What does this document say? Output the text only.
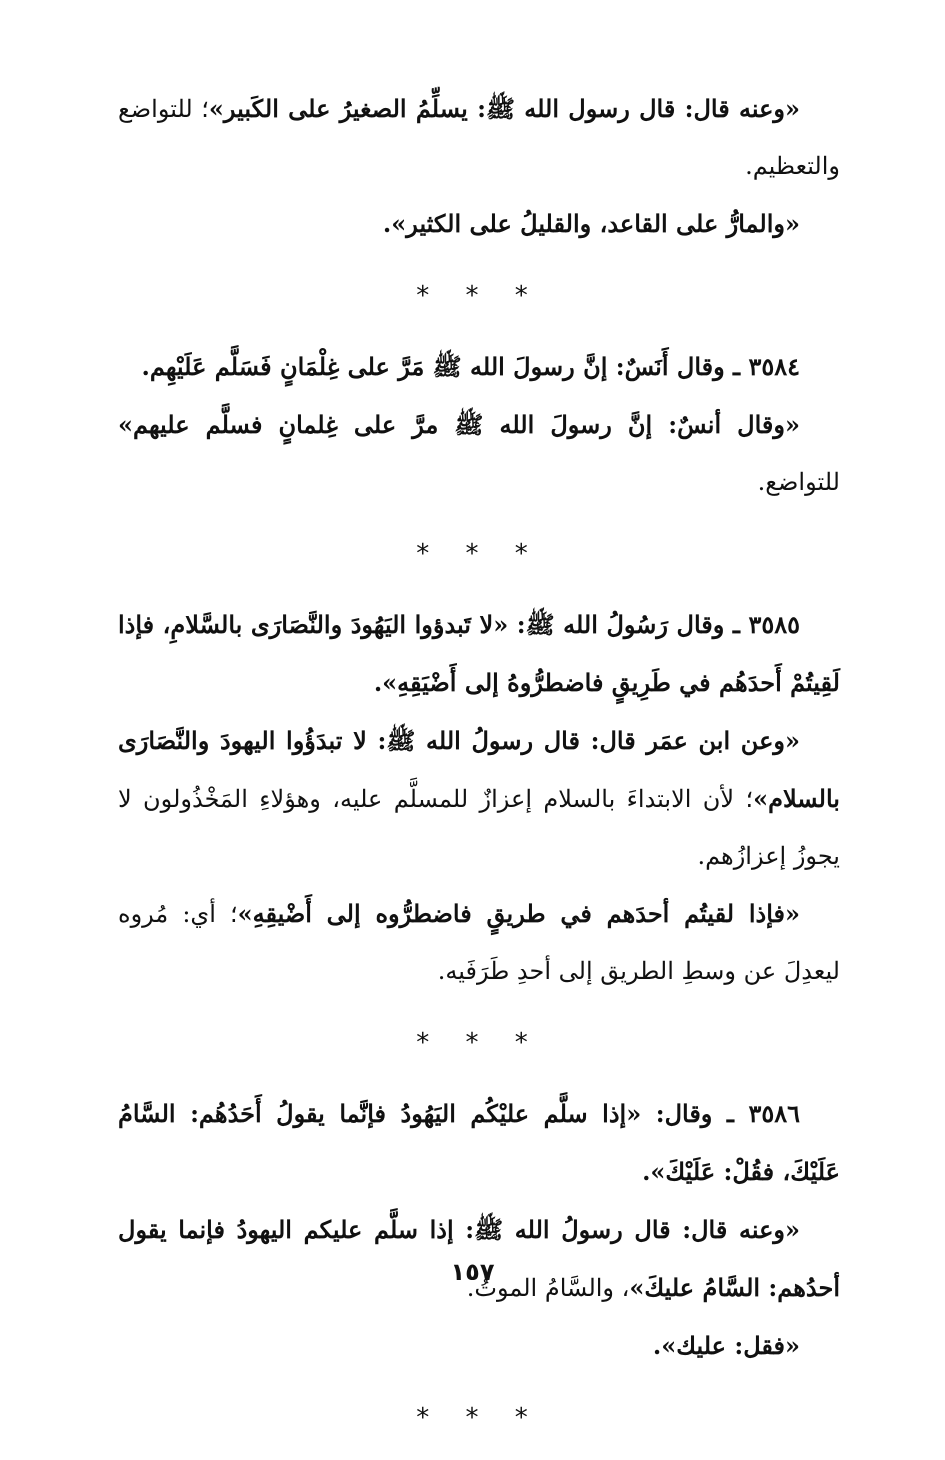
«وعنه قال: قال رسول الله ﷺ: يسلِّمُ الصغيرُ على الكَبير»؛ للتواضع والتعظيم.

«والمارُّ على القاعد، والقليلُ على الكثير».

* * *

٣٥٨٤ ـ وقال أَنَسٌ: إنَّ رسولَ الله ﷺ مَرَّ على غِلْمَانٍ فَسَلَّم عَلَيْهِم.

«وقال أنسٌ: إنَّ رسولَ الله ﷺ مرَّ على غِلمانٍ فسلَّم عليهم» للتواضع.

* * *

٣٥٨٥ ـ وقال رَسُولُ الله ﷺ: «لا تَبدؤوا اليَهُودَ والنَّصَارَى بالسَّلامِ، فإذا لَقِيتُمْ أَحدَهُم في طَرِيقٍ فاضطرُّوهُ إلى أَضْيَقِهِ».

«وعن ابن عمَر قال: قال رسولُ الله ﷺ: لا تبدَؤُوا اليهودَ والنَّصَارَى بالسلام»؛ لأن الابتداءَ بالسلام إعزازٌ للمسلَّم عليه، وهؤلاءِ المَخْذُولون لا يجوزُ إعزازُهم.

«فإذا لقيتُم أحدَهم في طريقٍ فاضطرُّوه إلى أَضْيقِهِ»؛ أي: مُروه ليعدِلَ عن وسطِ الطريق إلى أحدِ طَرَفَيه.

* * *

٣٥٨٦ ـ وقال: «إذا سلَّم عليْكُم اليَهُودُ فإنَّما يقولُ أَحَدُهُم: السَّامُ عَلَيْكَ، فقُلْ: عَلَيْكَ».

«وعنه قال: قال رسولُ الله ﷺ: إذا سلَّم عليكم اليهودُ فإنما يقول أحدُهم: السَّامُ عليكَ»، والسَّامُ الموتُ.

«فقل: عليك».

* * *
١٥٧
